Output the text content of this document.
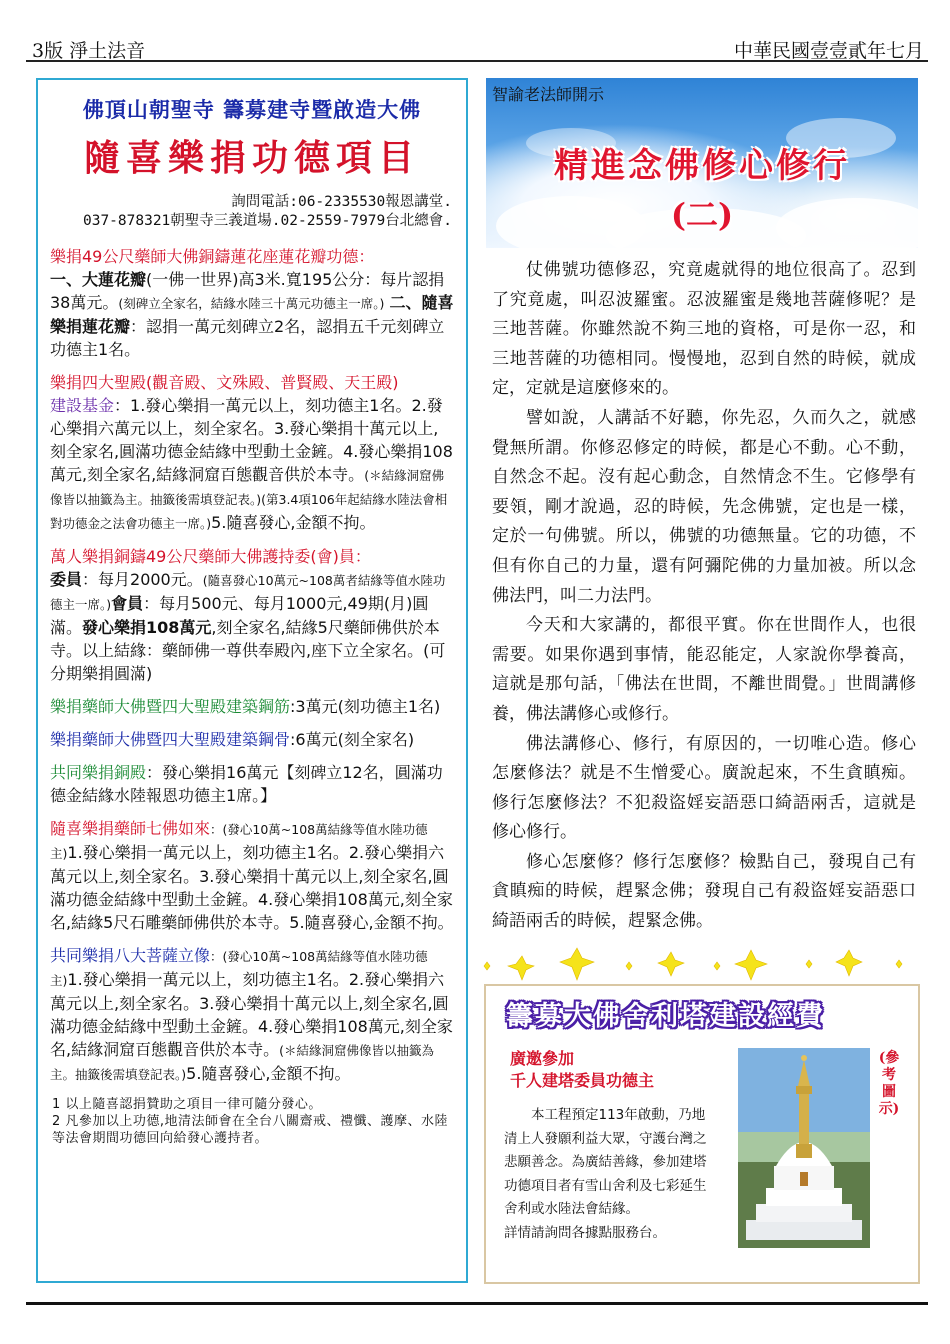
3版 淨土法音	中華民國壹壹貳年七月
佛頂山朝聖寺 籌募建寺暨啟造大佛
隨喜樂捐功德項目
詢問電話:06-2335530報恩講堂.
037-878321朝聖寺三義道場.02-2559-7979台北總會.
樂捐49公尺藥師大佛銅鑄蓮花座蓮花瓣功德：
一、大蓮花瓣(一佛一世界)高3米.寬195公分：每片認捐38萬元。(刻碑立全家名，結緣水陸三十萬元功德主一席。) 二、隨喜樂捐蓮花瓣：認捐一萬元刻碑立2名，認捐五千元刻碑立功德主1名。
樂捐四大聖殿(觀音殿、文殊殿、普賢殿、天王殿)
建設基金：1.發心樂捐一萬元以上，刻功德主1名。2.發心樂捐六萬元以上，刻全家名。3.發心樂捐十萬元以上,刻全家名,圓滿功德金結緣中型動土金鏟。4.發心樂捐108萬元,刻全家名,結緣洞窟百態觀音供於本寺。(＊結緣洞窟佛像皆以抽籤為主。抽籤後需填登記表。)(第3.4項106年起結緣水陸法會相對功德金之法會功德主一席。)5.隨喜發心,金額不拘。
萬人樂捐銅鑄49公尺藥師大佛護持委(會)員：
委員：每月2000元。(隨喜發心10萬元~108萬者結緣等值水陸功德主一席。)會員：每月500元、每月1000元,49期(月)圓滿。發心樂捐108萬元,刻全家名,結緣5尺藥師佛供於本寺。以上結緣：藥師佛一尊供奉殿內,座下立全家名。(可分期樂捐圓滿)
樂捐藥師大佛暨四大聖殿建築鋼筋:3萬元(刻功德主1名)
樂捐藥師大佛暨四大聖殿建築鋼骨:6萬元(刻全家名)
共同樂捐銅殿：發心樂捐16萬元【刻碑立12名，圓滿功德金結緣水陸報恩功德主1席。】
隨喜樂捐藥師七佛如來：(發心10萬~108萬結緣等值水陸功德主)1.發心樂捐一萬元以上，刻功德主1名。2.發心樂捐六萬元以上,刻全家名。3.發心樂捐十萬元以上,刻全家名,圓滿功德金結緣中型動土金鏟。4.發心樂捐108萬元,刻全家名,結緣5尺石雕藥師佛供於本寺。5.隨喜發心,金額不拘。
共同樂捐八大菩薩立像：(發心10萬~108萬結緣等值水陸功德主)1.發心樂捐一萬元以上，刻功德主1名。2.發心樂捐六萬元以上,刻全家名。3.發心樂捐十萬元以上,刻全家名,圓滿功德金結緣中型動土金鏟。4.發心樂捐108萬元,刻全家名,結緣洞窟百態觀音供於本寺。(＊結緣洞窟佛像皆以抽籤為主。抽籤後需填登記表。)5.隨喜發心,金額不拘。
1 以上隨喜認捐贊助之項目一律可隨分發心。
2 凡參加以上功德,地清法師會在全台八關齋戒、禮懺、護摩、水陸等法會期間功德回向給發心護持者。
智諭老法師開示
精進念佛修心修行
(二)

仗佛號功德修忍，究竟處就得的地位很高了。忍到了究竟處，叫忍波羅蜜。忍波羅蜜是幾地菩薩修呢？是三地菩薩。你雖然說不夠三地的資格，可是你一忍，和三地菩薩的功德相同。慢慢地，忍到自然的時候，就成定，定就是這麼修來的。

譬如說，人講話不好聽，你先忍，久而久之，就感覺無所謂。你修忍修定的時候，都是心不動。心不動，自然念不起。沒有起心動念，自然情念不生。它修學有要領，剛才說過，忍的時候，先念佛號，定也是一樣，定於一句佛號。所以，佛號的功德無量。它的功德，不但有你自己的力量，還有阿彌陀佛的力量加被。所以念佛法門，叫二力法門。

今天和大家講的，都很平實。你在世間作人，也很需要。如果你遇到事情，能忍能定，人家說你學養高，這就是那句話，「佛法在世間，不離世間覺。」世間講修養，佛法講修心或修行。

佛法講修心、修行，有原因的，一切唯心造。修心怎麼修法？就是不生憎愛心。廣說起來，不生貪瞋痴。修行怎麼修法？不犯殺盜婬妄語惡口綺語兩舌，這就是修心修行。

修心怎麼修？修行怎麼修？檢點自己，發現自己有貪瞋痴的時候，趕緊念佛；發現自己有殺盜婬妄語惡口綺語兩舌的時候，趕緊念佛。

籌募大佛舍利塔建設經費
廣邀參加
千人建塔委員功德主
本工程預定113年啟動，乃地清上人發願利益大眾，守護台灣之悲願善念。為廣結善緣，參加建塔功德項目者有雪山舍利及七彩延生舍利或水陸法會結緣。
詳情請詢問各據點服務台。
(參考圖示)
